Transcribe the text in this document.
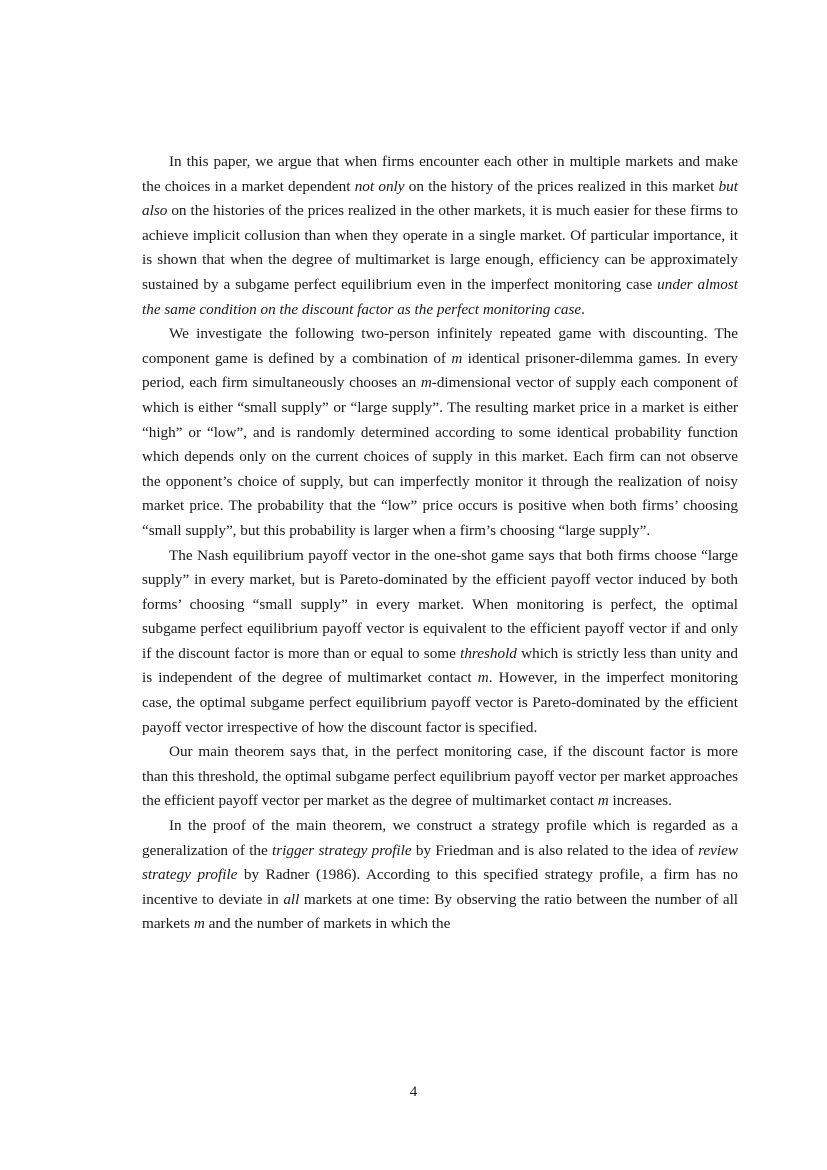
In this paper, we argue that when firms encounter each other in multiple markets and make the choices in a market dependent not only on the history of the prices realized in this market but also on the histories of the prices realized in the other markets, it is much easier for these firms to achieve implicit collusion than when they operate in a single market. Of particular importance, it is shown that when the degree of multimarket is large enough, efficiency can be approximately sustained by a subgame perfect equilibrium even in the imperfect monitoring case under almost the same condition on the discount factor as the perfect monitoring case.

We investigate the following two-person infinitely repeated game with discounting. The component game is defined by a combination of m identical prisoner-dilemma games. In every period, each firm simultaneously chooses an m-dimensional vector of supply each component of which is either “small supply” or “large supply”. The resulting market price in a market is either “high” or “low”, and is randomly determined according to some identical probability function which depends only on the current choices of supply in this market. Each firm can not observe the opponent’s choice of supply, but can imperfectly monitor it through the realization of noisy market price. The probability that the “low” price occurs is positive when both firms’ choosing “small supply”, but this probability is larger when a firm’s choosing “large supply”.

The Nash equilibrium payoff vector in the one-shot game says that both firms choose “large supply” in every market, but is Pareto-dominated by the efficient payoff vector induced by both forms’ choosing “small supply” in every market. When monitoring is perfect, the optimal subgame perfect equilibrium payoff vector is equivalent to the efficient payoff vector if and only if the discount factor is more than or equal to some threshold which is strictly less than unity and is independent of the degree of multimarket contact m. However, in the imperfect monitoring case, the optimal subgame perfect equilibrium payoff vector is Pareto-dominated by the efficient payoff vector irrespective of how the discount factor is specified.

Our main theorem says that, in the perfect monitoring case, if the discount factor is more than this threshold, the optimal subgame perfect equilibrium payoff vector per market approaches the efficient payoff vector per market as the degree of multimarket contact m increases.

In the proof of the main theorem, we construct a strategy profile which is regarded as a generalization of the trigger strategy profile by Friedman and is also related to the idea of review strategy profile by Radner (1986). According to this specified strategy profile, a firm has no incentive to deviate in all markets at one time: By observing the ratio between the number of all markets m and the number of markets in which the

4
